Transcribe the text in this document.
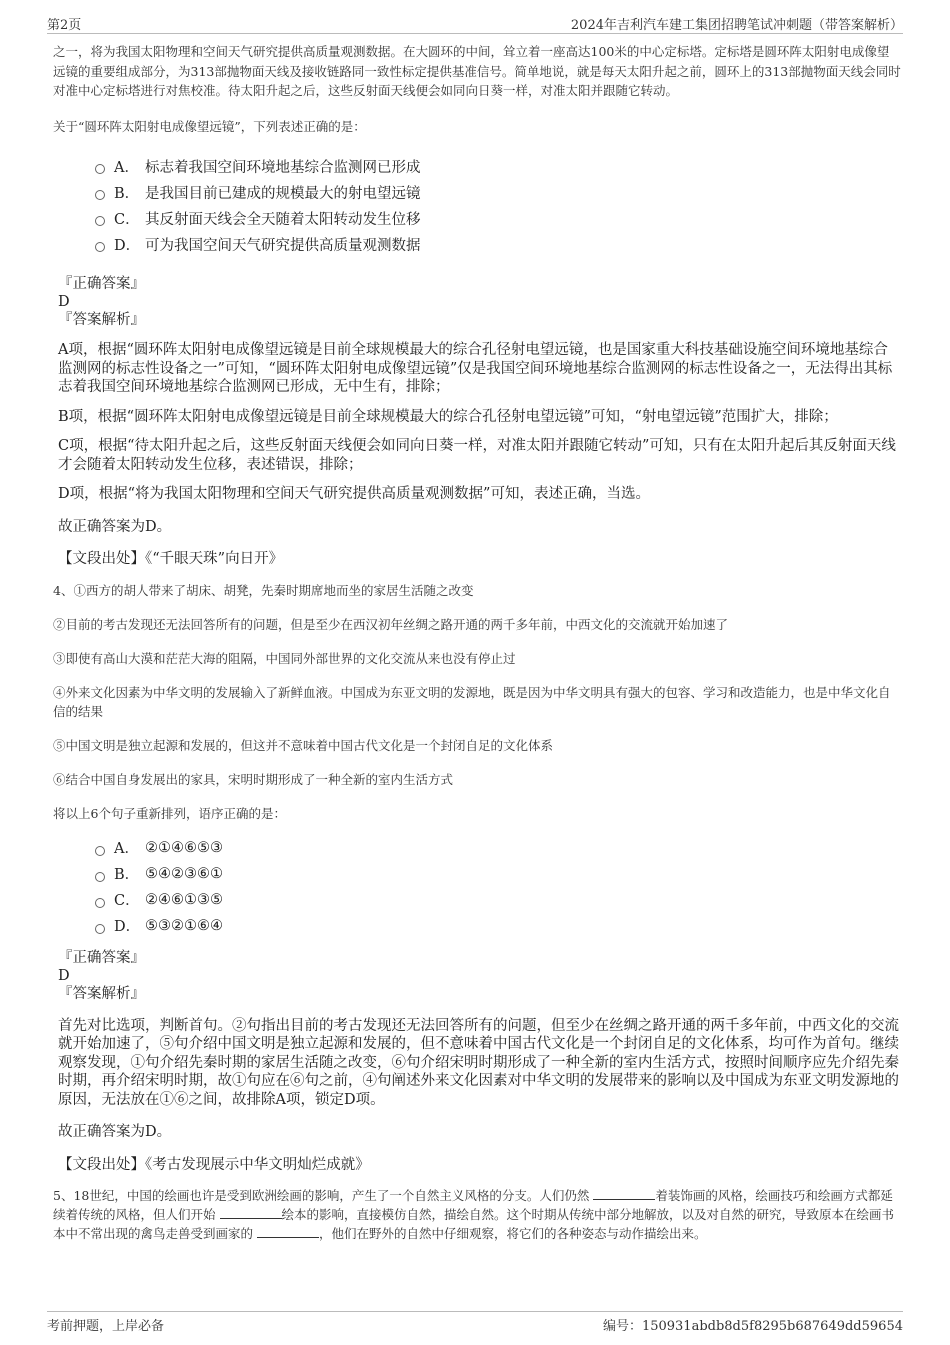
第2页	2024年吉利汽车建工集团招聘笔试冲刺题（带答案解析）

之一，将为我国太阳物理和空间天气研究提供高质量观测数据。在大圆环的中间，耸立着一座高达100米的中心定标塔。定标塔是圆环阵太阳射电成像望远镜的重要组成部分，为313部抛物面天线及接收链路同一致性标定提供基准信号。简单地说，就是每天太阳升起之前，圆环上的313部抛物面天线会同时对准中心定标塔进行对焦校准。待太阳升起之后，这些反射面天线便会如同向日葵一样，对准太阳并跟随它转动。

关于“圆环阵太阳射电成像望远镜”，下列表述正确的是：

A． 标志着我国空间环境地基综合监测网已形成
B． 是我国目前已建成的规模最大的射电望远镜
C． 其反射面天线会全天随着太阳转动发生位移
D． 可为我国空间天气研究提供高质量观测数据

『正确答案』

D

『答案解析』

A项，根据“圆环阵太阳射电成像望远镜是目前全球规模最大的综合孔径射电望远镜，也是国家重大科技基础设施空间环境地基综合监测网的标志性设备之一”可知，“圆环阵太阳射电成像望远镜”仅是我国空间环境地基综合监测网的标志性设备之一，无法得出其标志着我国空间环境地基综合监测网已形成，无中生有，排除；

B项，根据“圆环阵太阳射电成像望远镜是目前全球规模最大的综合孔径射电望远镜”可知，“射电望远镜”范围扩大，排除；

C项，根据“待太阳升起之后，这些反射面天线便会如同向日葵一样，对准太阳并跟随它转动”可知，只有在太阳升起后其反射面天线才会随着太阳转动发生位移，表述错误，排除；

D项，根据“将为我国太阳物理和空间天气研究提供高质量观测数据”可知，表述正确，当选。

故正确答案为D。

【文段出处】《“千眼天珠”向日开》

4、①西方的胡人带来了胡床、胡凳，先秦时期席地而坐的家居生活随之改变

②目前的考古发现还无法回答所有的问题，但是至少在西汉初年丝绸之路开通的两千多年前，中西文化的交流就开始加速了

③即使有高山大漠和茫茫大海的阻隔，中国同外部世界的文化交流从来也没有停止过

④外来文化因素为中华文明的发展输入了新鲜血液。中国成为东亚文明的发源地，既是因为中华文明具有强大的包容、学习和改造能力，也是中华文化自信的结果

⑤中国文明是独立起源和发展的，但这并不意味着中国古代文化是一个封闭自足的文化体系

⑥结合中国自身发展出的家具，宋明时期形成了一种全新的室内生活方式

将以上6个句子重新排列，语序正确的是：

A． ②①④⑥⑤③
B． ⑤④②③⑥①
C． ②④⑥①③⑤
D． ⑤③②①⑥④

『正确答案』

D

『答案解析』

首先对比选项，判断首句。②句指出目前的考古发现还无法回答所有的问题，但至少在丝绸之路开通的两千多年前，中西文化的交流就开始加速了，⑤句介绍中国文明是独立起源和发展的，但不意味着中国古代文化是一个封闭自足的文化体系，均可作为首句。继续观察发现，①句介绍先秦时期的家居生活随之改变，⑥句介绍宋明时期形成了一种全新的室内生活方式，按照时间顺序应先介绍先秦时期，再介绍宋明时期，故①句应在⑥句之前，④句阐述外来文化因素对中华文明的发展带来的影响以及中国成为东亚文明发源地的原因，无法放在①⑥之间，故排除A项，锁定D项。

故正确答案为D。

【文段出处】《考古发现展示中华文明灿烂成就》

5、18世纪，中国的绘画也许是受到欧洲绘画的影响，产生了一个自然主义风格的分支。人们仍然	着装饰画的风格，绘画技巧和绘画方式都延续着传统的风格，但人们开始	绘本的影响，直接模仿自然，描绘自然。这个时期从传统中部分地解放，以及对自然的研究，导致原本在绘画书本中不常出现的禽鸟走兽受到画家的	，他们在野外的自然中仔细观察，将它们的各种姿态与动作描绘出来。

考前押题，上岸必备	编号：150931abdb8d5f8295b687649dd59654
